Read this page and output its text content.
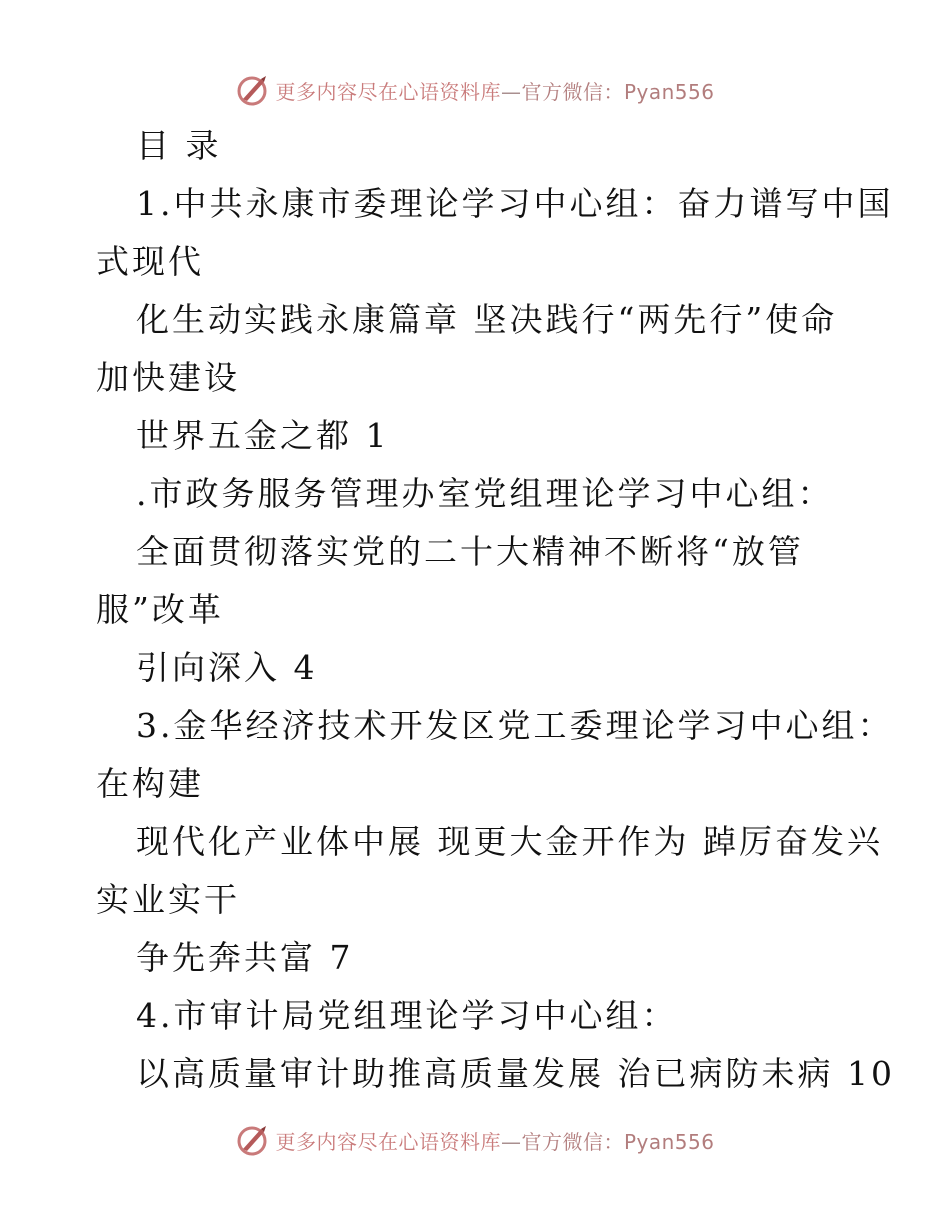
更多内容尽在心语资料库—官方微信：Pyan556
目 录
1.中共永康市委理论学习中心组：奋力谱写中国
式现代
化生动实践永康篇章 坚决践行“两先行”使命
加快建设
世界五金之都 1
.市政务服务管理办室党组理论学习中心组：
全面贯彻落实党的二十大精神不断将“放管
服”改革
引向深入 4
3.金华经济技术开发区党工委理论学习中心组：
在构建
现代化产业体中展 现更大金开作为 踔厉奋发兴
实业实干
争先奔共富 7
4.市审计局党组理论学习中心组：
以高质量审计助推高质量发展 治已病防未病 10
更多内容尽在心语资料库—官方微信：Pyan556
